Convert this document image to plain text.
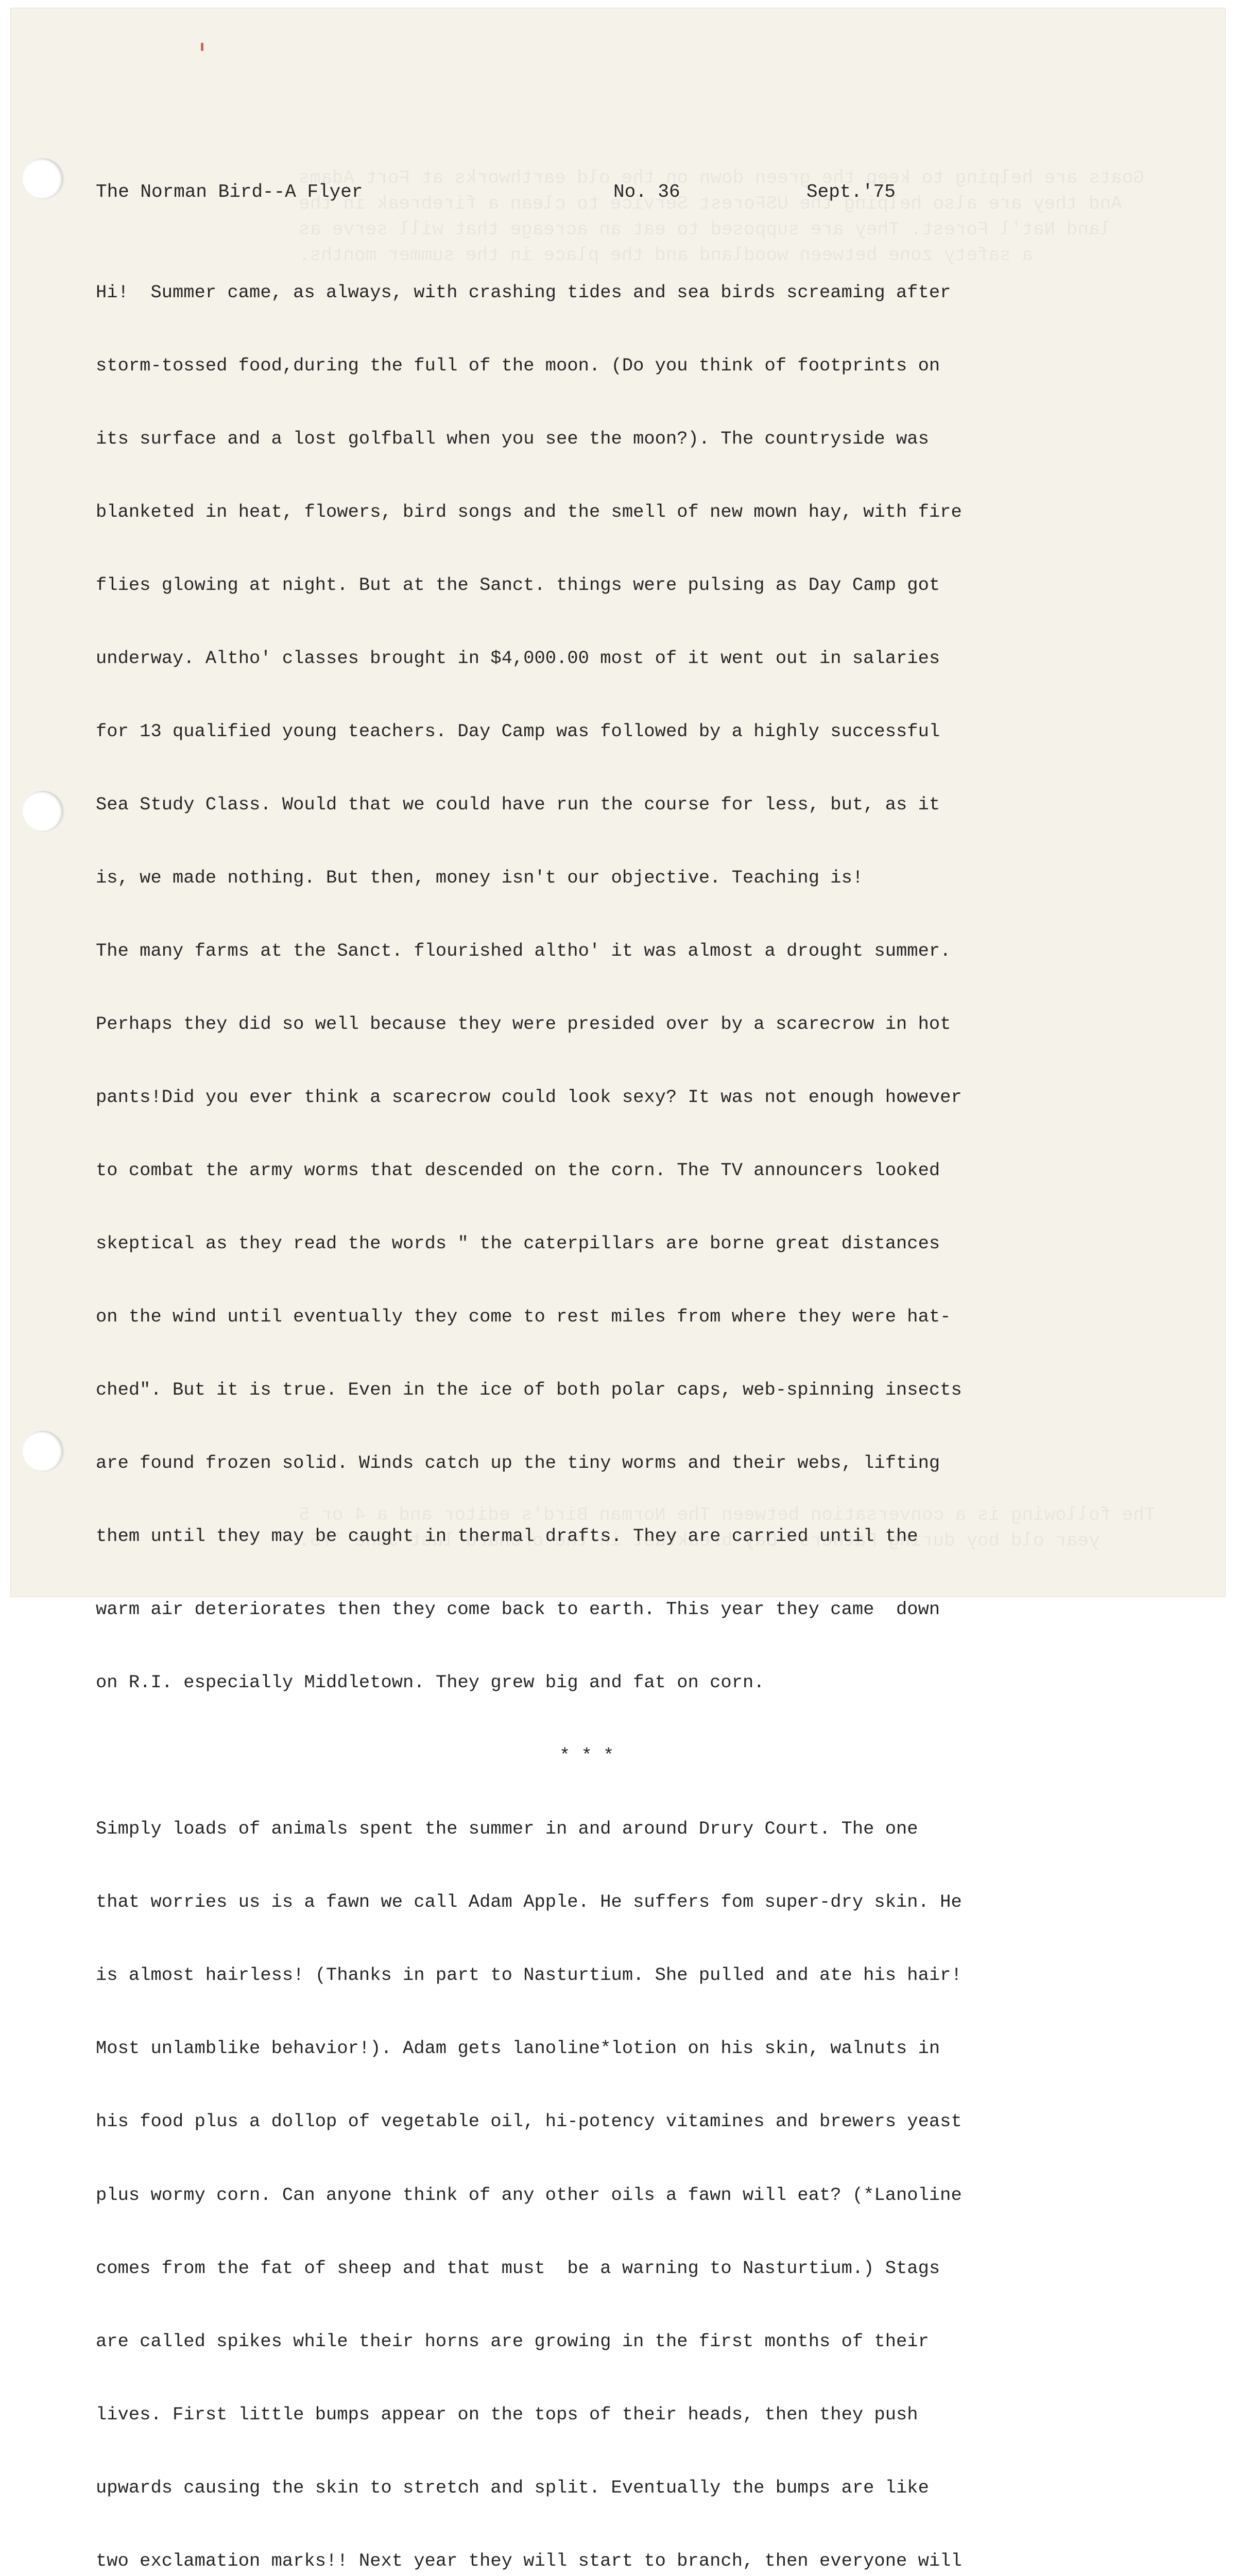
The Norman Bird--A Flyer	No. 36	Sept.'75

Hi!  Summer came, as always, with crashing tides and sea birds screaming after

storm-tossed food,during the full of the moon. (Do you think of footprints on

its surface and a lost golfball when you see the moon?). The countryside was

blanketed in heat, flowers, bird songs and the smell of new mown hay, with fire

flies glowing at night. But at the Sanct. things were pulsing as Day Camp got

underway. Altho' classes brought in $4,000.00 most of it went out in salaries

for 13 qualified young teachers. Day Camp was followed by a highly successful

Sea Study Class. Would that we could have run the course for less, but, as it

is, we made nothing. But then, money isn't our objective. Teaching is!

The many farms at the Sanct. flourished altho' it was almost a drought summer.

Perhaps they did so well because they were presided over by a scarecrow in hot

pants!Did you ever think a scarecrow could look sexy? It was not enough however

to combat the army worms that descended on the corn. The TV announcers looked

skeptical as they read the words " the caterpillars are borne great distances

on the wind until eventually they come to rest miles from where they were hat-

ched". But it is true. Even in the ice of both polar caps, web-spinning insects

are found frozen solid. Winds catch up the tiny worms and their webs, lifting

them until they may be caught in thermal drafts. They are carried until the

warm air deteriorates then they come back to earth. This year they came  down

on R.I. especially Middletown. They grew big and fat on corn.

* * *

Simply loads of animals spent the summer in and around Drury Court. The one

that worries us is a fawn we call Adam Apple. He suffers fom super-dry skin. He

is almost hairless! (Thanks in part to Nasturtium. She pulled and ate his hair!

Most unlamblike behavior!). Adam gets lanoline*lotion on his skin, walnuts in

his food plus a dollop of vegetable oil, hi-potency vitamines and brewers yeast

plus wormy corn. Can anyone think of any other oils a fawn will eat? (*Lanoline

comes from the fat of sheep and that must  be a warning to Nasturtium.) Stags

are called spikes while their horns are growing in the first months of their

lives. First little bumps appear on the tops of their heads, then they push

upwards causing the skin to stretch and split. Eventually the bumps are like

two exclamation marks!! Next year they will start to branch, then everyone will
